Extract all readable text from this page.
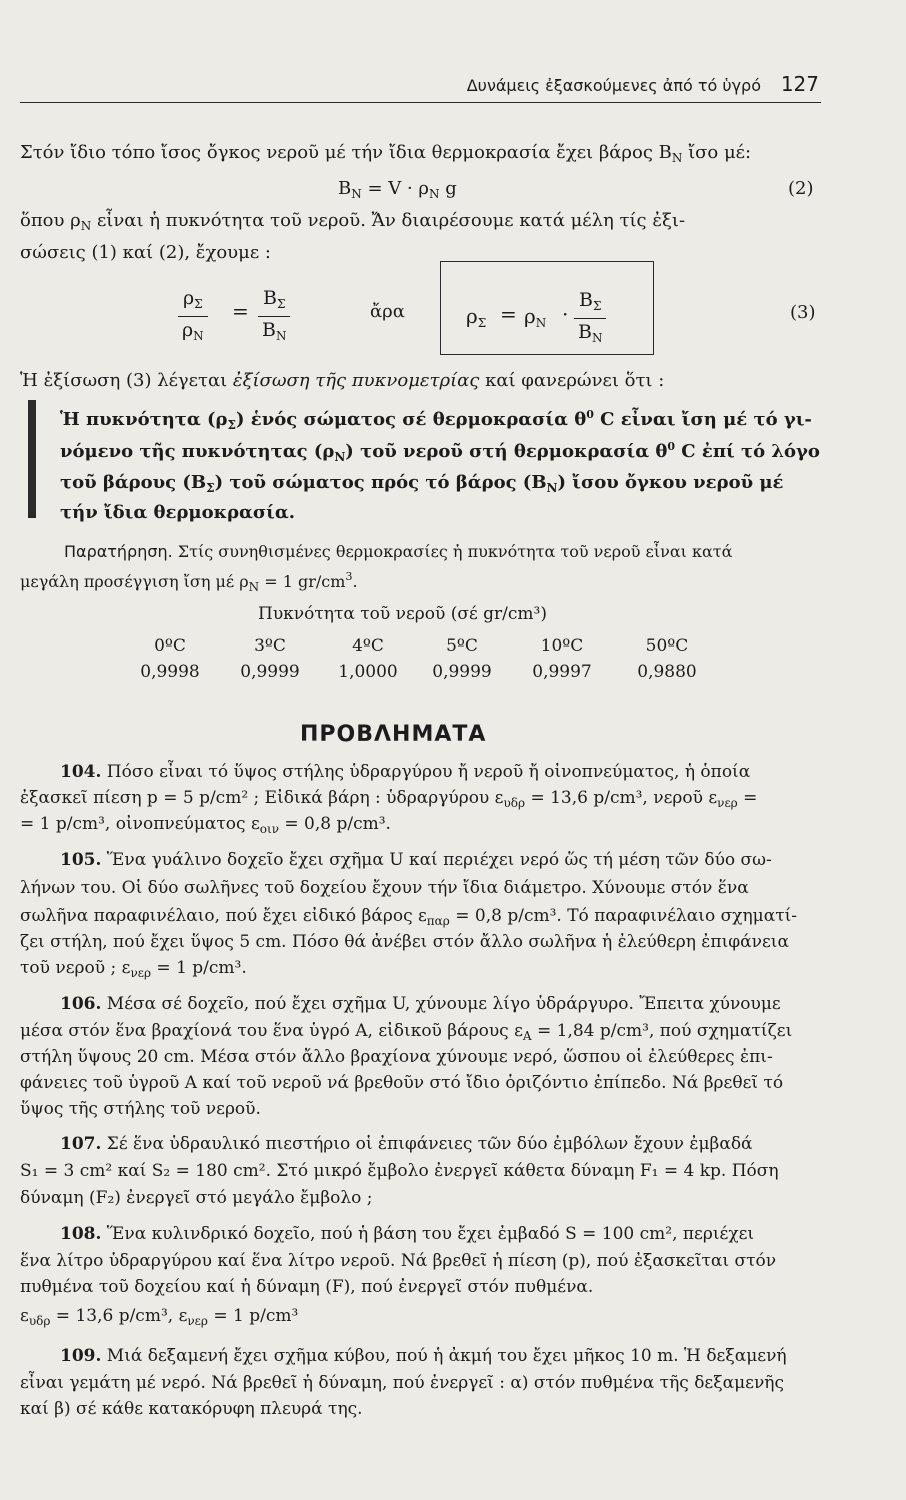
Δυνάμεις ἐξασκούμενες ἀπό τό ὑγρό 127
Στόν ἴδιο τόπο ἴσος ὄγκος νεροῦ μέ τήν ἴδια θερμοκρασία ἔχει βάρος $B_N$ ἴσο μέ:
$B_N = V \cdot \rho_N$ g	(2)
ὅπου $\rho_N$ εἶναι ἡ πυκνότητα τοῦ νεροῦ. Ἄν διαιρέσουμε κατά μέλη τίς ἐξι-
σώσεις (1) καί (2), ἔχουμε :
$\frac{\rho_\Sigma}{\rho_N} = \frac{B_\Sigma}{B_N}$	ἄρα	$\rho_\Sigma = \rho_N \cdot \frac{B_\Sigma}{B_N}$	(3)
Ἡ ἐξίσωση (3) λέγεται ἐξίσωση τῆς πυκνομετρίας καί φανερώνει ὅτι :
Ἡ πυκνότητα $(\rho_\Sigma)$ ἑνός σώματος σέ θερμοκρασία $\theta^0$ C εἶναι ἴση μέ τό γι-
νόμενο τῆς πυκνότητας $(\rho_N)$ τοῦ νεροῦ στή θερμοκρασία $\theta^0$ C ἐπί τό λόγο
τοῦ βάρους $(B_\Sigma)$ τοῦ σώματος πρός τό βάρος $(B_N)$ ἴσου ὄγκου νεροῦ μέ
τήν ἴδια θερμοκρασία.
Παρατήρηση. Στίς συνηθισμένες θερμοκρασίες ἡ πυκνότητα τοῦ νεροῦ εἶναι κατά
μεγάλη προσέγγιση ἴση μέ $\rho_N = 1$ $gr/cm^3$.
Πυκνότητα τοῦ νεροῦ (σέ gr/cm³)
0ºC	3ºC	4ºC	5ºC	10ºC	50ºC
0,9998	0,9999	1,0000	0,9999	0,9997	0,9880
ΠΡΟΒΛΗΜΑΤΑ
104. Πόσο εἶναι τό ὕψος στήλης ὑδραργύρου ἤ νεροῦ ἤ οἰνοπνεύματος, ἡ ὁποία
ἐξασκεῖ πίεση p = 5 p/cm² ; Εἰδικά βάρη : ὑδραργύρου $\varepsilon_{\upsilon\delta\rho} = 13,6$ p/cm³, νεροῦ $\varepsilon_{\nu\varepsilon\rho}$ =
= 1 p/cm³, οἰνοπνεύματος $\varepsilon_{o\iota\nu} = 0,8$ p/cm³.
105. Ἕνα γυάλινο δοχεῖο ἔχει σχῆμα U καί περιέχει νερό ὥς τή μέση τῶν δύο σω-
λήνων του. Οἱ δύο σωλῆνες τοῦ δοχείου ἔχουν τήν ἴδια διάμετρο. Χύνουμε στόν ἕνα
σωλῆνα παραφινέλαιο, πού ἔχει εἰδικό βάρος $\varepsilon_{\pi\alpha\rho} = 0,8$ p/cm³. Τό παραφινέλαιο σχηματί-
ζει στήλη, πού ἔχει ὕψος 5 cm. Πόσο θά ἀνέβει στόν ἄλλο σωλῆνα ἡ ἐλεύθερη ἐπιφάνεια
τοῦ νεροῦ ; $\varepsilon_{\nu\varepsilon\rho} = 1$ p/cm³.
106. Μέσα σέ δοχεῖο, πού ἔχει σχῆμα U, χύνουμε λίγο ὑδράργυρο. Ἔπειτα χύνουμε
μέσα στόν ἕνα βραχίονά του ἕνα ὑγρό Α, εἰδικοῦ βάρους $\varepsilon_A = 1,84$ p/cm³, πού σχηματίζει
στήλη ὕψους 20 cm. Μέσα στόν ἄλλο βραχίονα χύνουμε νερό, ὥσπου οἱ ἐλεύθερες ἐπι-
φάνειες τοῦ ὑγροῦ Α καί τοῦ νεροῦ νά βρεθοῦν στό ἴδιο ὁριζόντιο ἐπίπεδο. Νά βρεθεῖ τό
ὕψος τῆς στήλης τοῦ νεροῦ.
107. Σέ ἕνα ὑδραυλικό πιεστήριο οἱ ἐπιφάνειες τῶν δύο ἐμβόλων ἔχουν ἐμβαδά
S₁ = 3 cm² καί S₂ = 180 cm². Στό μικρό ἔμβολο ἐνεργεῖ κάθετα δύναμη F₁ = 4 kp. Πόση
δύναμη (F₂) ἐνεργεῖ στό μεγάλο ἔμβολο ;
108. Ἕνα κυλινδρικό δοχεῖο, πού ἡ βάση του ἔχει ἐμβαδό S = 100 cm², περιέχει
ἕνα λίτρο ὑδραργύρου καί ἕνα λίτρο νεροῦ. Νά βρεθεῖ ἡ πίεση (p), πού ἐξασκεῖται στόν
πυθμένα τοῦ δοχείου καί ἡ δύναμη (F), πού ἐνεργεῖ στόν πυθμένα.
$\varepsilon_{\upsilon\delta\rho} = 13,6$ p/cm³, $\varepsilon_{\nu\varepsilon\rho} = 1$ p/cm³
109. Μιά δεξαμενή ἔχει σχῆμα κύβου, πού ἡ ἀκμή του ἔχει μῆκος 10 m. Ἡ δεξαμενή
εἶναι γεμάτη μέ νερό. Νά βρεθεῖ ἡ δύναμη, πού ἐνεργεῖ : α) στόν πυθμένα τῆς δεξαμενῆς
καί β) σέ κάθε κατακόρυφη πλευρά της.
